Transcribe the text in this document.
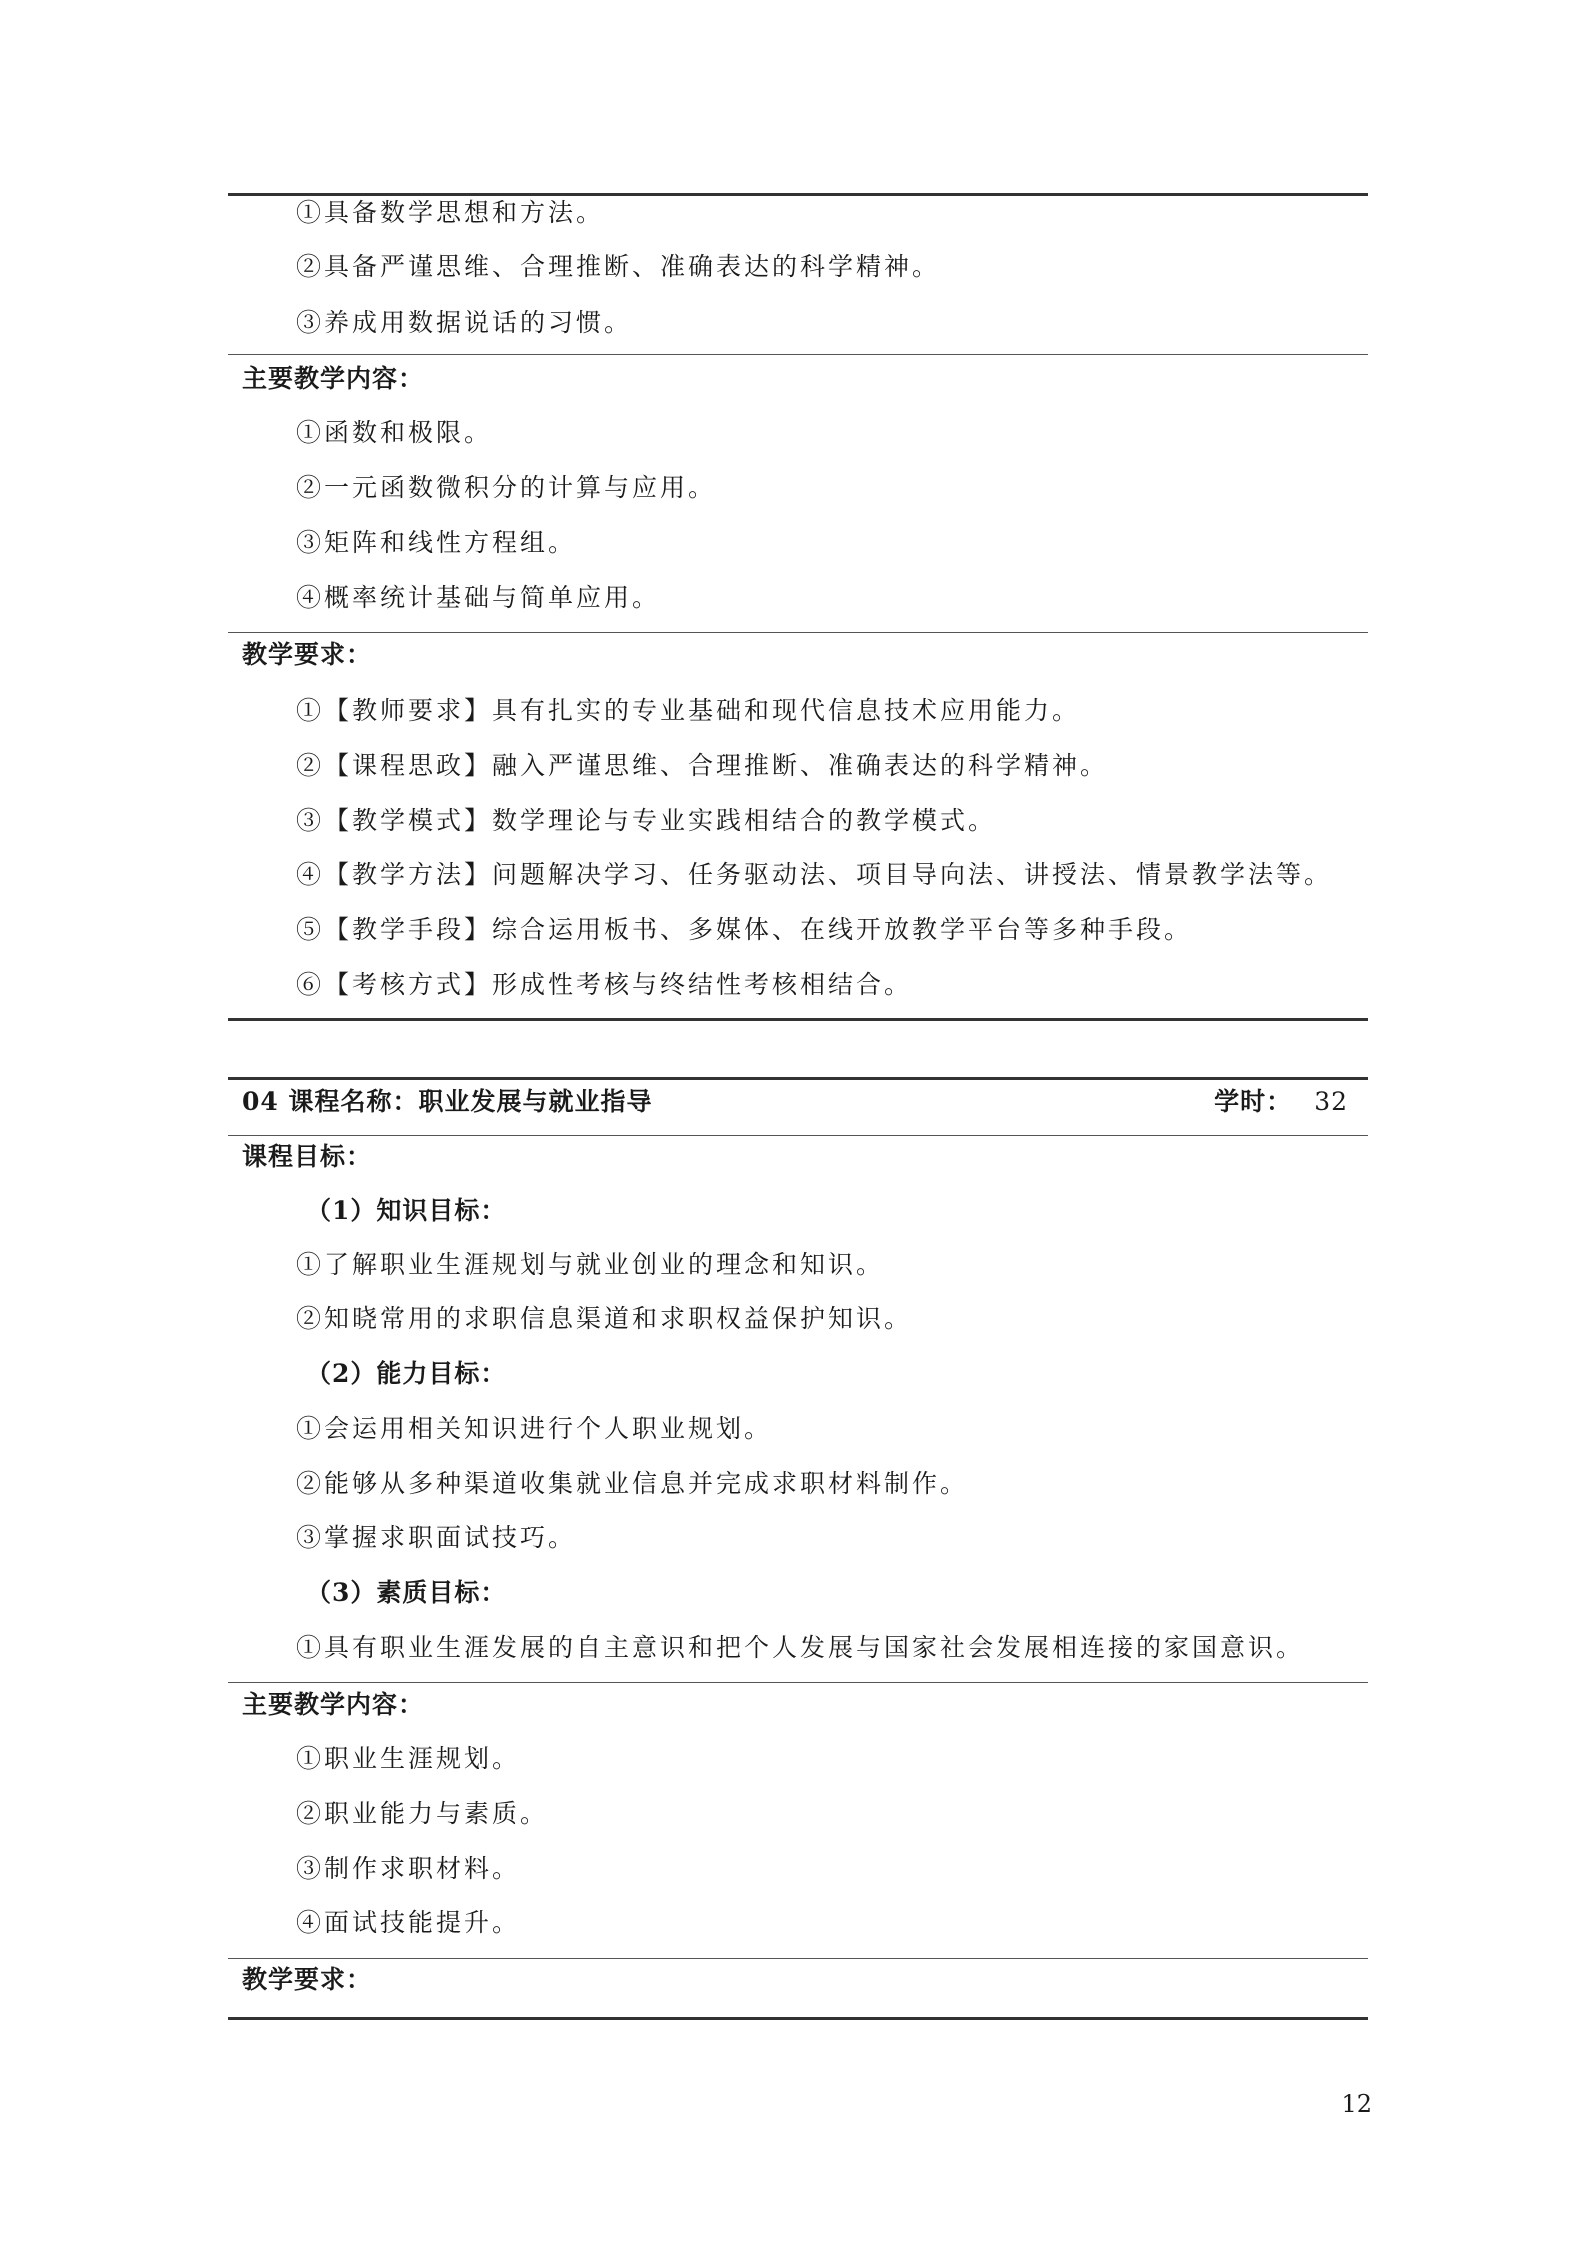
①具备数学思想和方法。
②具备严谨思维、合理推断、准确表达的科学精神。
③养成用数据说话的习惯。
主要教学内容：
①函数和极限。
②一元函数微积分的计算与应用。
③矩阵和线性方程组。
④概率统计基础与简单应用。
教学要求：
①【教师要求】具有扎实的专业基础和现代信息技术应用能力。
②【课程思政】融入严谨思维、合理推断、准确表达的科学精神。
③【教学模式】数学理论与专业实践相结合的教学模式。
④【教学方法】问题解决学习、任务驱动法、项目导向法、讲授法、情景教学法等。
⑤【教学手段】综合运用板书、多媒体、在线开放教学平台等多种手段。
⑥【考核方式】形成性考核与终结性考核相结合。
04 课程名称：职业发展与就业指导	学时： 32
课程目标：
（1）知识目标：
①了解职业生涯规划与就业创业的理念和知识。
②知晓常用的求职信息渠道和求职权益保护知识。
（2）能力目标：
①会运用相关知识进行个人职业规划。
②能够从多种渠道收集就业信息并完成求职材料制作。
③掌握求职面试技巧。
（3）素质目标：
①具有职业生涯发展的自主意识和把个人发展与国家社会发展相连接的家国意识。
主要教学内容：
①职业生涯规划。
②职业能力与素质。
③制作求职材料。
④面试技能提升。
教学要求：
12
